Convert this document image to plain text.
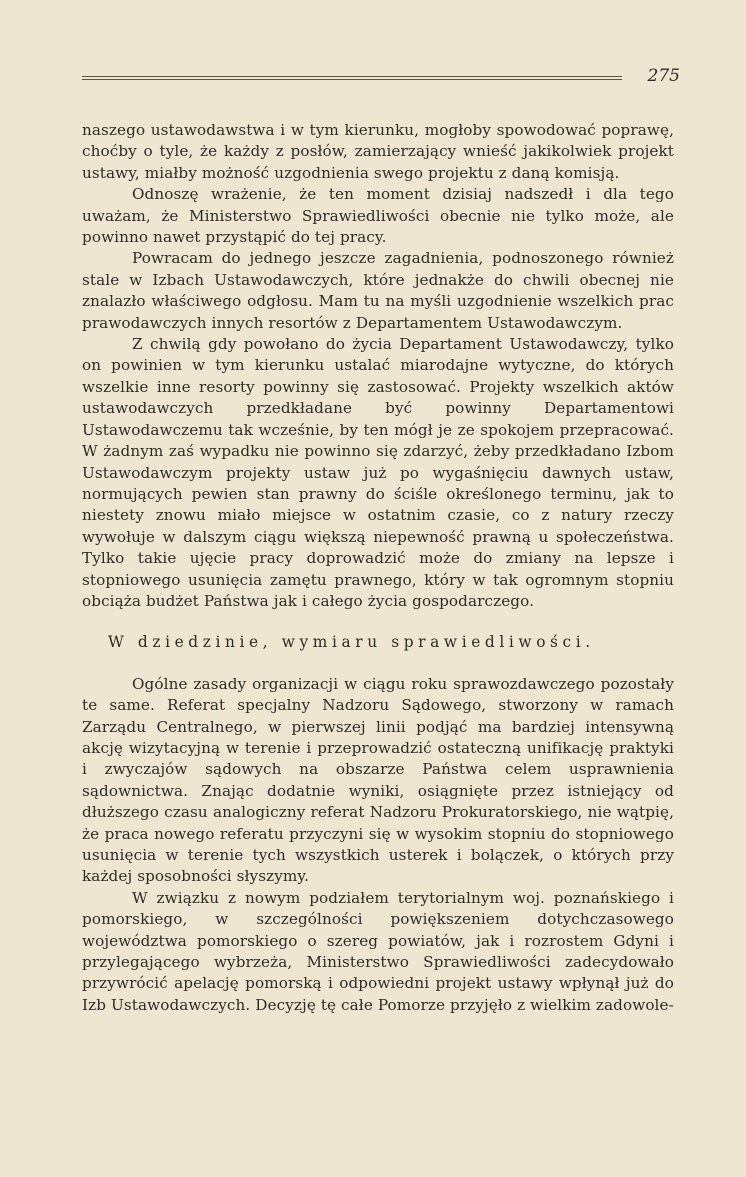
275

naszego ustawodawstwa i w tym kierunku, mogłoby spowodować poprawę, choćby o tyle, że każdy z posłów, zamierzający wnieść jakikolwiek projekt ustawy, miałby możność uzgodnienia swego projektu z daną komisją.

Odnoszę wrażenie, że ten moment dzisiaj nadszedł i dla tego uważam, że Ministerstwo Sprawiedliwości obecnie nie tylko może, ale powinno nawet przystąpić do tej pracy.

Powracam do jednego jeszcze zagadnienia, podnoszonego również stale w Izbach Ustawodawczych, które jednakże do chwili obecnej nie znalazło właściwego odgłosu. Mam tu na myśli uzgodnienie wszelkich prac prawodawczych innych resortów z Departamentem Ustawodawczym.

Z chwilą gdy powołano do życia Departament Ustawodawczy, tylko on powinien w tym kierunku ustalać miarodajne wytyczne, do których wszelkie inne resorty powinny się zastosować. Projekty wszelkich aktów ustawodawczych przedkładane być powinny Departamentowi Ustawodawczemu tak wcześnie, by ten mógł je ze spokojem przepracować. W żadnym zaś wypadku nie powinno się zdarzyć, żeby przedkładano Izbom Ustawodawczym projekty ustaw już po wygaśnięciu dawnych ustaw, normujących pewien stan prawny do ściśle określonego terminu, jak to niestety znowu miało miejsce w ostatnim czasie, co z natury rzeczy wywołuje w dalszym ciągu większą niepewność prawną u społeczeństwa. Tylko takie ujęcie pracy doprowadzić może do zmiany na lepsze i stopniowego usunięcia zamętu prawnego, który w tak ogromnym stopniu obciąża budżet Państwa jak i całego życia gospodarczego.

W dziedzinie, wymiaru sprawiedliwości.

Ogólne zasady organizacji w ciągu roku sprawozdawczego pozostały te same. Referat specjalny Nadzoru Sądowego, stworzony w ramach Zarządu Centralnego, w pierwszej linii podjąć ma bardziej intensywną akcję wizytacyjną w terenie i przeprowadzić ostateczną unifikację praktyki i zwyczajów sądowych na obszarze Państwa celem usprawnienia sądownictwa. Znając dodatnie wyniki, osiągnięte przez istniejący od dłuższego czasu analogiczny referat Nadzoru Prokuratorskiego, nie wątpię, że praca nowego referatu przyczyni się w wysokim stopniu do stopniowego usunięcia w terenie tych wszystkich usterek i bolączek, o których przy każdej sposobności słyszymy.

W związku z nowym podziałem terytorialnym woj. poznańskiego i pomorskiego, w szczególności powiększeniem dotychczasowego województwa pomorskiego o szereg powiatów, jak i rozrostem Gdyni i przylegającego wybrzeża, Ministerstwo Sprawiedliwości zadecydowało przywrócić apelację pomorską i odpowiedni projekt ustawy wpłynął już do Izb Ustawodawczych. Decyzję tę całe Pomorze przyjęło z wielkim zadowole-
